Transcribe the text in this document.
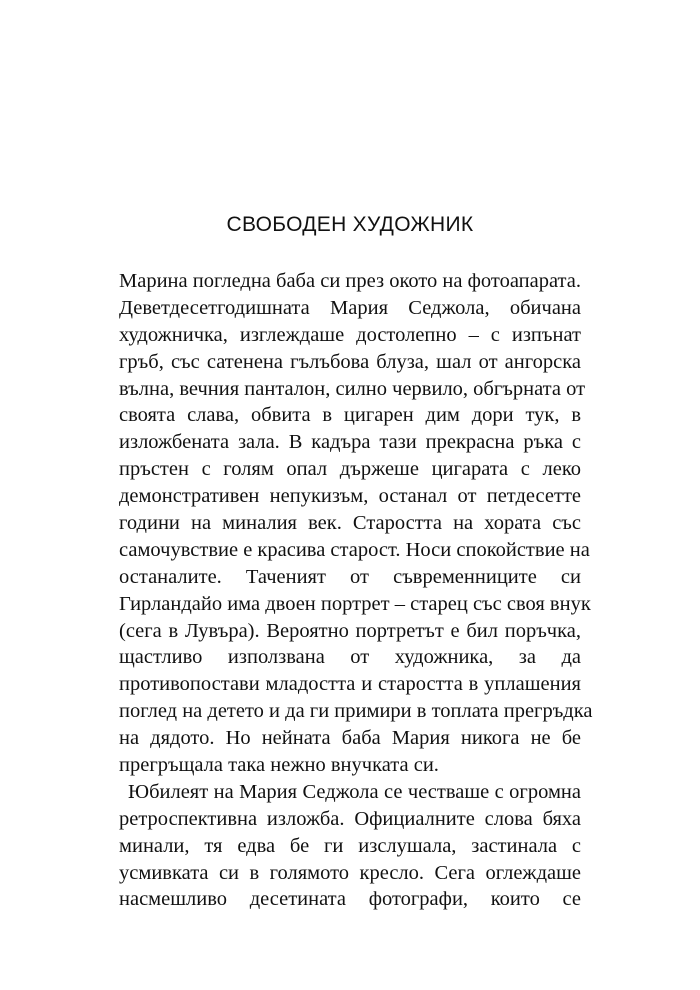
СВОБОДЕН ХУДОЖНИК
Марина погледна баба си през окото на фотоапарата.
Деветдесетгодишната Мария Седжола, обичана
художничка, изглеждаше достолепно – с изпънат
гръб, със сатенена гълъбова блуза, шал от ангорска
вълна, вечния панталон, силно червило, обгърната от
своята слава, обвита в цигарен дим дори тук, в
изложбената зала. В кадъра тази прекрасна ръка с
пръстен с голям опал държеше цигарата с леко
демонстративен непукизъм, останал от петдесетте
години на миналия век. Старостта на хората със
самочувствие е красива старост. Носи спокойствие на
останалите. Таченият от съвременниците си
Гирландайо има двоен портрет – старец със своя внук
(сега в Лувъра). Вероятно портретът е бил поръчка,
щастливо използвана от художника, за да
противопостави младостта и старостта в уплашения
поглед на детето и да ги примири в топлата прегръдка
на дядото. Но нейната баба Мария никога не бе
прегръщала така нежно внучката си.
Юбилеят на Мария Седжола се честваше с огромна
ретроспективна изложба. Официалните слова бяха
минали, тя едва бе ги изслушала, застинала с
усмивката си в голямото кресло. Сега оглеждаше
насмешливо десетината фотографи, които се
